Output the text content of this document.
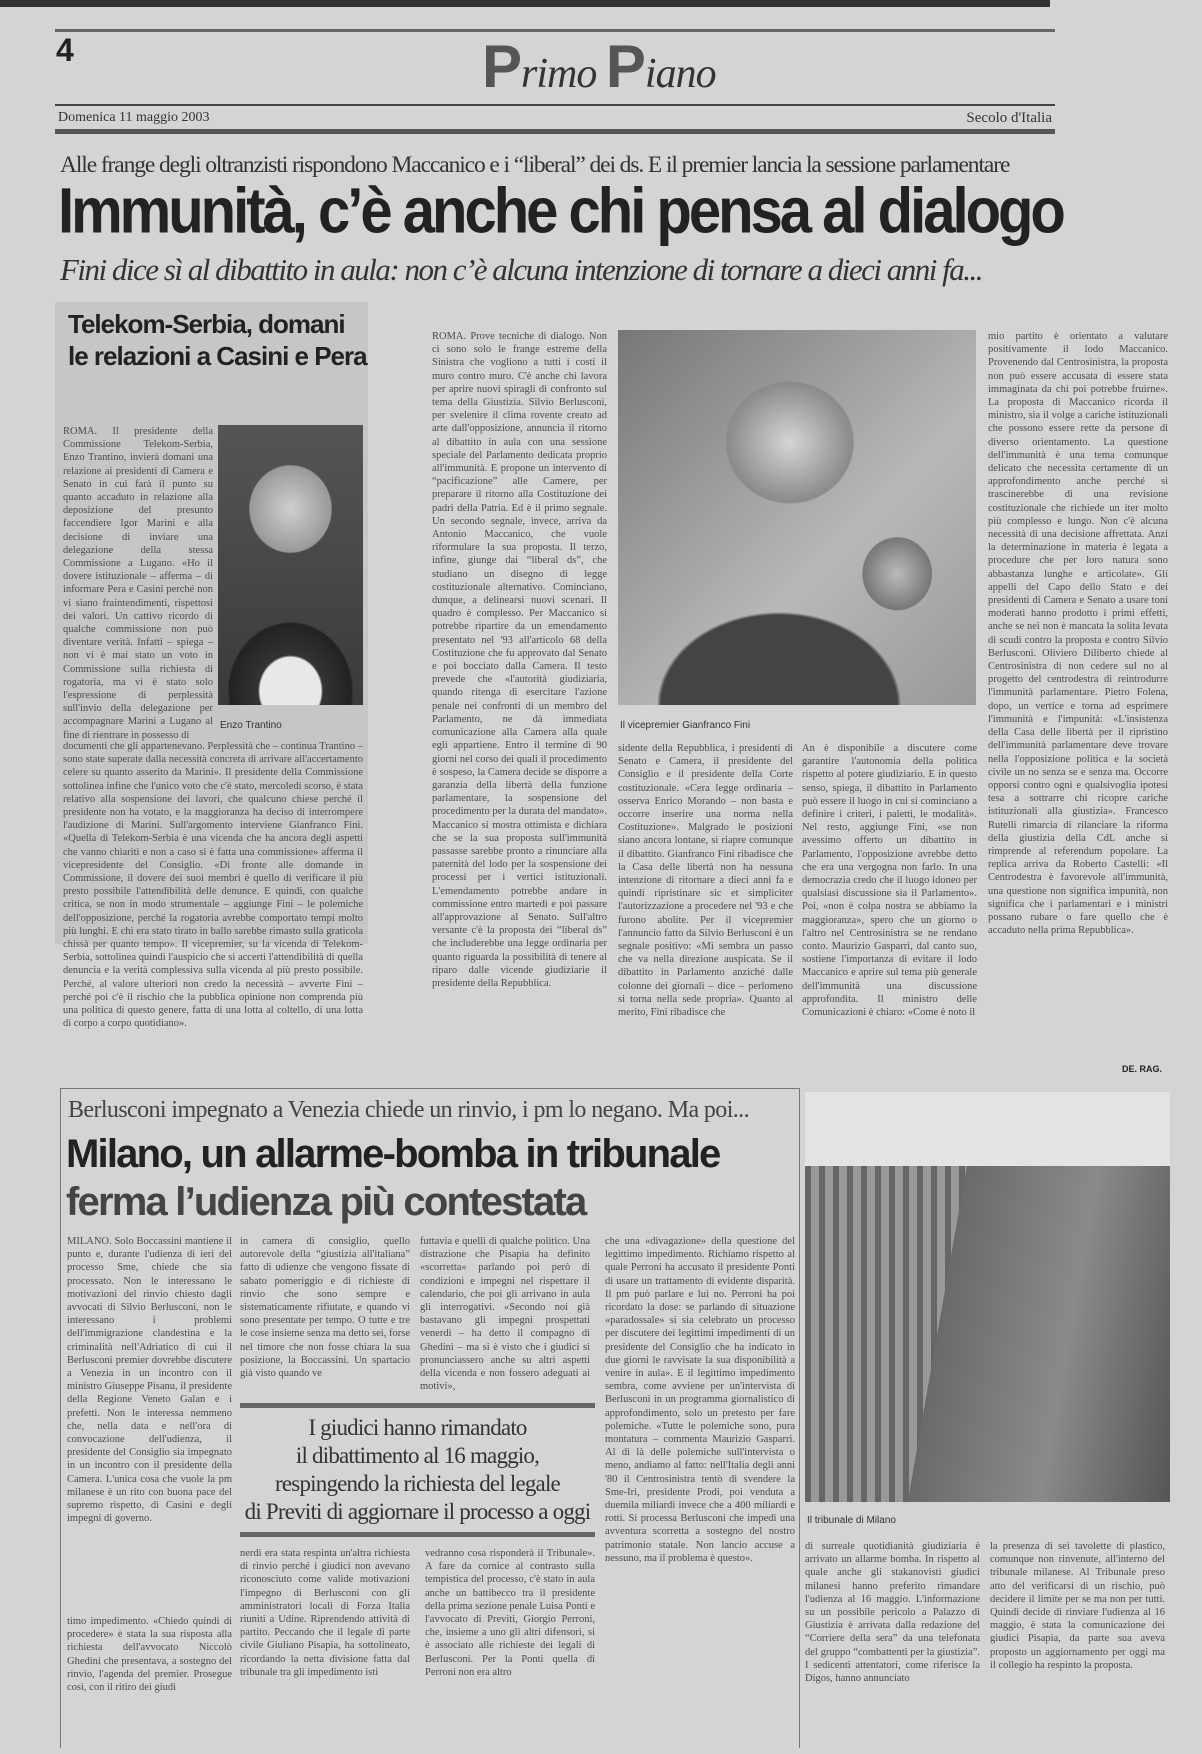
4	Primo Piano
Domenica 11 maggio 2003	Secolo d'Italia
Alle frange degli oltranzisti rispondono Maccanico e i “liberal” dei ds. E il premier lancia la sessione parlamentare
Immunità, c’è anche chi pensa al dialogo
Fini dice sì al dibattito in aula: non c’è alcuna intenzione di tornare a dieci anni fa...
Telekom-Serbia, domani
le relazioni a Casini e Pera
ROMA. Il presidente della Commissione Telekom-Serbia, Enzo Trantino, invierà domani una relazione ai presidenti di Camera e Senato in cui farà il punto su quanto accaduto in relazione alla deposizione del presunto faccendiere Igor Marini e alla decisione di inviare una delegazione della stessa Commissione a Lugano. «Ho il dovere istituzionale – afferma – di informare Pera e Casini perché non vi siano fraintendimenti, rispettosi dei valori. Un cattivo ricordo di qualche commissione non può diventare verità. Infatti – spiega – non vi è mai stato un voto in Commissione sulla richiesta di rogatoria, ma vi è stato solo l'espressione di perplessità sull'invio della delegazione per accompagnare Marini a Lugano al fine di rientrare in possesso di
Enzo Trantino
documenti che gli appartenevano. Perplessità che – continua Trantino – sono state superate dalla necessità concreta di arrivare all'accertamento celere su quanto asserito da Marini». Il presidente della Commissione sottolinea infine che l'unico voto che c'è stato, mercoledì scorso, è stata relativo alla sospensione dei lavori, che qualcuno chiese perché il presidente non ha votato, e la maggioranza ha deciso di interrompere l'audizione di Marini. Sull'argomento interviene Gianfranco Fini. «Quella di Telekom-Serbia è una vicenda che ha ancora degli aspetti che vanno chiariti e non a caso si è fatta una commissione» afferma il vicepresidente del Consiglio. «Di fronte alle domande in Commissione, il dovere dei suoi membri è quello di verificare il più presto possibile l'attendibilità delle denunce. E quindi, con qualche critica, se non in modo strumentale – aggiunge Fini – le polemiche dell'opposizione, perché la rogatoria avrebbe comportato tempi molto più lunghi. E chi era stato tirato in ballo sarebbe rimasto sulla graticola chissà per quanto tempo». Il vicepremier, su la vicenda di Telekom-Serbia, sottolinea quindi l'auspicio che si accerti l'attendibilità di quella denuncia e la verità complessiva sulla vicenda al più presto possibile. Perché, al valore ulteriori non credo la necessità – avverte Fini – perché poi c'è il rischio che la pubblica opinione non comprenda più una politica di questo genere, fatta di una lotta al coltello, di una lotta di corpo a corpo quotidiano».
ROMA. Prove tecniche di dialogo. Non ci sono solo le frange estreme della Sinistra che vogliono a tutti i costi il muro contro muro. C'è anche chi lavora per aprire nuovi spiragli di confronto sul tema della Giustizia. Silvio Berlusconi, per svelenire il clima rovente creato ad arte dall'opposizione, annuncia il ritorno al dibattito in aula con una sessione speciale del Parlamento dedicata proprio all'immunità. E propone un intervento di “pacificazione” alle Camere, per preparare il ritorno alla Costituzione dei padri della Patria. Ed è il primo segnale. Un secondo segnale, invece, arriva da Antonio Maccanico, che vuole riformulare la sua proposta. Il terzo, infine, giunge dai “liberal ds”, che studiano un disegno di legge costituzionale alternativo. Cominciano, dunque, a delinearsi nuovi scenari. Il quadro è complesso. Per Maccanico si potrebbe ripartire da un emendamento presentato nel '93 all'articolo 68 della Costituzione che fu approvato dal Senato e poi bocciato dalla Camera. Il testo prevede che «l'autorità giudiziaria, quando ritenga di esercitare l'azione penale nei confronti di un membro del Parlamento, ne dà immediata comunicazione alla Camera alla quale egli appartiene. Entro il termine di 90 giorni nel corso dei quali il procedimento è sospeso, la Camera decide se disporre a garanzia della libertà della funzione parlamentare, la sospensione del procedimento per la durata del mandato». Maccanico si mostra ottimista e dichiara che se la sua proposta sull'immunità passasse sarebbe pronto a rinunciare alla paternità del lodo per la sospensione dei processi per i vertici istituzionali. L'emendamento potrebbe andare in commissione entro martedì e poi passare all'approvazione al Senato. Sull'altro versante c'è la proposta dei “liberal ds” che includerebbe una legge ordinaria per quanto riguarda la possibilità di tenere al riparo dalle vicende giudiziarie il presidente della Repubblica.
Il vicepremier Gianfranco Fini
sidente della Repubblica, i presidenti di Senato e Camera, il presidente del Consiglio e il presidente della Corte costituzionale. «Cera legge ordinaria – osserva Enrico Morando – non basta e occorre inserire una norma nella Costituzione». Malgrado le posizioni siano ancora lontane, si riapre comunque il dibattito. Gianfranco Fini ribadisce che la Casa delle libertà non ha nessuna intenzione di ritornare a dieci anni fa e quindi ripristinare sic et simpliciter l'autorizzazione a procedere nel '93 e che furono abolite. Per il vicepremier l'annuncio fatto da Silvio Berlusconi è un segnale positivo: «Mi sembra un passo che va nella direzione auspicata. Se il dibattito in Parlamento anziché dalle colonne dei giornali – dice – perlomeno si torna nella sede propria». Quanto al merito, Fini ribadisce che
An è disponibile a discutere come garantire l'autonomia della politica rispetto al potere giudiziario. E in questo senso, spiega, il dibattito in Parlamento può essere il luogo in cui si cominciano a definire i criteri, i paletti, le modalità». Nel resto, aggiunge Fini, «se non avessimo offerto un dibattito in Parlamento, l'opposizione avrebbe detto che era una vergogna non farlo. In una democrazia credo che il luogo idoneo per qualsiasi discussione sia il Parlamento». Poi, «non è colpa nostra se abbiamo la maggioranza», spero che un giorno o l'altro nel Centrosinistra se ne rendano conto. Maurizio Gasparri, dal canto suo, sostiene l'importanza di evitare il lodo Maccanico e aprire sul tema più generale dell'immunità una discussione approfondita. Il ministro delle Comunicazioni è chiaro: «Come è noto il
mio partito è orientato a valutare positivamente il lodo Maccanico. Provenendo dal Centrosinistra, la proposta non può essere accusata di essere stata immaginata da chi poi potrebbe fruirne». La proposta di Maccanico ricorda il ministro, sia il volge a cariche istituzionali che possono essere rette da persone di diverso orientamento. La questione dell'immunità è una tema comunque delicato che necessita certamente di un approfondimento anche perché si trascinerebbe di una revisione costituzionale che richiede un iter molto più complesso e lungo. Non c'è alcuna necessità di una decisione affrettata. Anzi la determinazione in materia è legata a procedure che per loro natura sono abbastanza lunghe e articolate». Gli appelli del Capo dello Stato e dei presidenti di Camera e Senato a usare toni moderati hanno prodotto i primi effetti, anche se nei non è mancata la solita levata di scudi contro la proposta e contro Silvio Berlusconi. Oliviero Diliberto chiede al Centrosinistra di non cedere sul no al progetto del centrodestra di reintrodurre l'immunità parlamentare. Pietro Folena, dopo, un vertice e torna ad esprimere l'immunità e l'impunità: «L'insistenza della Casa delle libertà per il ripristino dell'immunità parlamentare deve trovare nella l'opposizione politica e la società civile un no senza se e senza ma. Occorre opporsi contro ogni e qualsivoglia ipotesi tesa a sottrarre chi ricopre cariche istituzionali alla giustizia». Francesco Rutelli rimarcia di rilanciare la riforma della giustizia della CdL anche si rimprende al referendum popolare. La replica arriva da Roberto Castelli: «Il Centrodestra è favorevole all'immunità, una questione non significa impunità, non significa che i parlamentari e i ministri possano rubare o fare quello che è accaduto nella prima Repubblica».
DE. RAG.
Berlusconi impegnato a Venezia chiede un rinvio, i pm lo negano. Ma poi...
Milano, un allarme-bomba in tribunale
ferma l’udienza più contestata
MILANO. Solo Boccassini mantiene il punto e, durante l'udienza di ieri del processo Sme, chiede che sia processato. Non le interessano le motivazioni del rinvio chiesto dagli avvocati di Silvio Berlusconi, non le interessano i problemi dell'immigrazione clandestina e la criminalità nell'Adriatico di cui il Berlusconi premier dovrebbe discutere a Venezia in un incontro con il ministro Giuseppe Pisanu, il presidente della Regione Veneto Galan e i prefetti. Non le interessa nemmeno che, nella data e nell'ora di convocazione dell'udienza, il presidente del Consiglio sia impegnato in un incontro con il presidente della Camera. L'unica cosa che vuole la pm milanese è un rito con buona pace del supremo rispetto, di Casini e degli impegni di governo.
timo impedimento. «Chiedo quindi di procedere» è stata la sua risposta alla richiesta dell'avvocato Niccolò Ghedini che presentava, a sostegno del rinvio, l'agenda del premier. Prosegue così, con il ritiro dei giudi
in camera di consiglio, quello autorevole della “giustizia all'italiana” fatto di udienze che vengono fissate di sabato pomeriggio e di richieste di rinvio che sono sempre e sistematicamente rifiutate, e quando vi sono presentate per tempo. O tutte e tre le cose insieme senza ma detto sei, forse nel timore che non fosse chiara la sua posizione, la Boccassini. Un spartacio già visto quando ve
futtavia e quelli di qualche politico. Una distrazione che Pisapia ha definito «scorretta» parlando poi però di condizioni e impegni nel rispettare il calendario, che poi gli arrivano in aula gli interrogativi. «Secondo noi già bastavano gli impegni prospettati venerdì – ha detto il compagno di Ghedini – ma si è visto che i giudici si pronunciassero anche su altri aspetti della vicenda e non fossero adeguati ai motivi»,
che una «divagazione» della questione del legittimo impedimento. Richiamo rispetto al quale Perroni ha accusato il presidente Ponti di usare un trattamento di evidente disparità. Il pm può parlare e lui no. Perroni ha poi ricordato la dose: se parlando di situazione «paradossale» si sia celebrato un processo per discutere dei legittimi impedimenti di un presidente del Consiglio che ha indicato in due giorni le ravvisate la sua disponibilità a venire in aula». E il legittimo impedimento sembra, come avviene per un'intervista di Berlusconi in un programma giornalistico di approfondimento, solo un pretesto per fare polemiche. «Tutte le polemiche sono, pura montatura – commenta Maurizio Gasparri. Al di là delle polemiche sull'intervista o meno, andiamo al fatto: nell'Italia degli anni '80 il Centrosinistra tentò di svendere la Sme-Iri, presidente Prodi, poi venduta a duemila miliardi invece che a 400 miliardi e rotti. Si processa Berlusconi che impedì una avventura scorretta a sostegno del nostro patrimonio statale. Non lancio accuse a nessuno, ma il problema è questo».
I giudici hanno rimandato
il dibattimento al 16 maggio,
respingendo la richiesta del legale
di Previti di aggiornare il processo a oggi
nerdì era stata respinta un'altra richiesta di rinvio perché i giudici non avevano riconosciuto come valide motivazioni l'impegno di Berlusconi con gli amministratori locali di Forza Italia riuniti a Udine. Riprendendo attività di partito. Peccando che il legale di parte civile Giuliano Pisapia, ha sottolineato, ricordando la netta divisione fatta dal tribunale tra gli impedimento isti
vedranno cosa risponderà il Tribunale». A fare da cornice al contrasto sulla tempistica del processo, c'è stato in aula anche un battibecco tra il presidente della prima sezione penale Luisa Ponti e l'avvocato di Previti, Giorgio Perroni, che, insieme a uno gli altri difensori, si è associato alle richieste dei legali di Berlusconi. Per la Ponti quella di Perroni non era altro
Il tribunale di Milano
di surreale quotidianità giudiziaria è arrivato un allarme bomba. In rispetto al quale anche gli stakanovisti giudici milanesi hanno preferito rimandare l'udienza al 16 maggio. L'informazione su un possibile pericolo a Palazzo di Giustizia è arrivata dalla redazione del “Corriere della sera” da una telefonata del gruppo “combattenti per la giustizia”. I sedicenti attentatori, come riferisce la Digos, hanno annunciato
la presenza di sei tavolette di plastico, comunque non rinvenute, all'interno del tribunale milanese. Al Tribunale preso atto del verificarsi di un rischio, può decidere il limite per se ma non per tutti. Quindi decide di rinviare l'udienza al 16 maggio, è stata la comunicazione dei giudici Pisapia, da parte sua aveva proposto un aggiornamento per oggi ma il collegio ha respinto la proposta.
